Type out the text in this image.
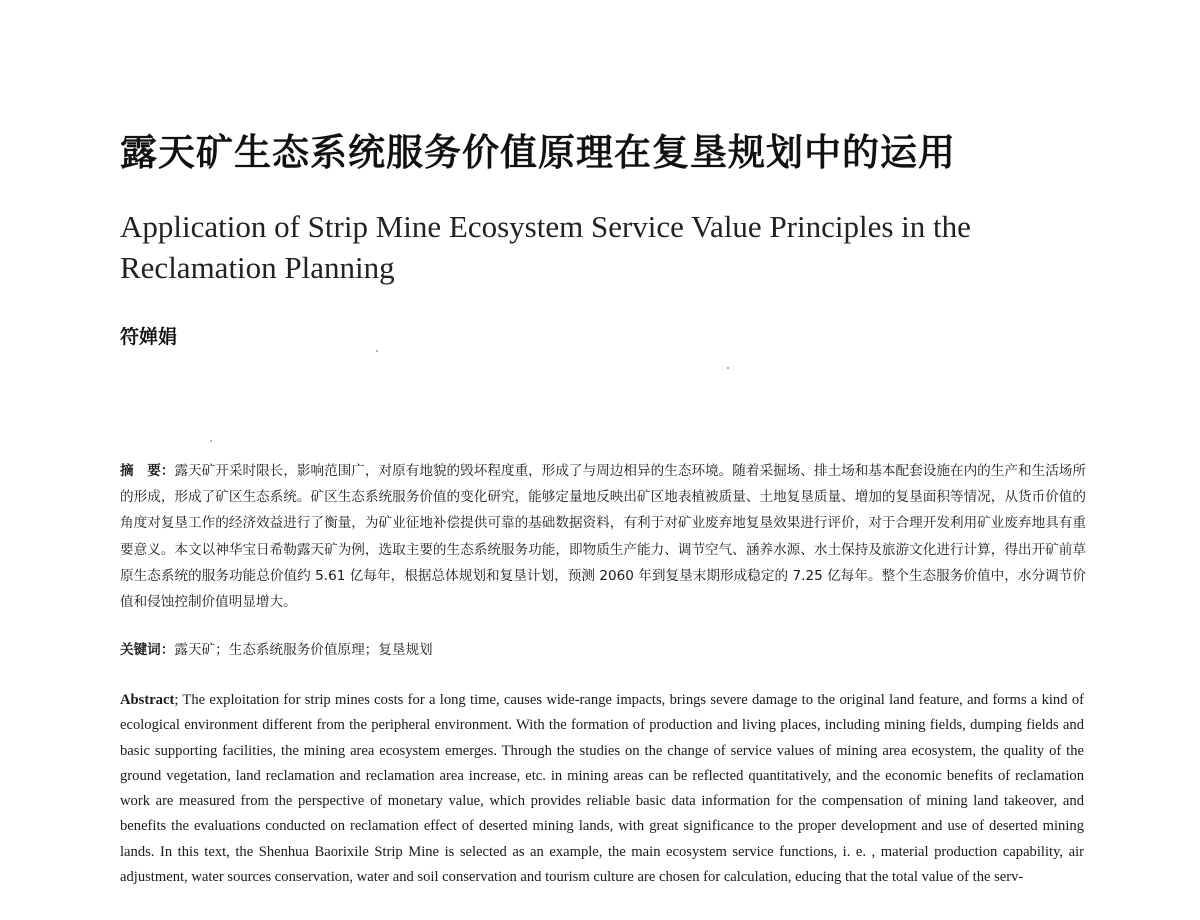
露天矿生态系统服务价值原理在复垦规划中的运用
Application of Strip Mine Ecosystem Service Value Principles in the Reclamation Planning
符婵娟
摘　要：露天矿开采时限长，影响范围广，对原有地貌的毁坏程度重，形成了与周边相异的生态环境。随着采掘场、排土场和基本配套设施在内的生产和生活场所的形成，形成了矿区生态系统。矿区生态系统服务价值的变化研究，能够定量地反映出矿区地表植被质量、土地复垦质量、增加的复垦面积等情况，从货币价值的角度对复垦工作的经济效益进行了衡量，为矿业征地补偿提供可靠的基础数据资料，有利于对矿业废弃地复垦效果进行评价，对于合理开发利用矿业废弃地具有重要意义。本文以神华宝日希勒露天矿为例，选取主要的生态系统服务功能，即物质生产能力、调节空气、涵养水源、水土保持及旅游文化进行计算，得出开矿前草原生态系统的服务功能总价值约 5.61 亿每年，根据总体规划和复垦计划，预测 2060 年到复垦末期形成稳定的 7.25 亿每年。整个生态服务价值中，水分调节价值和侵蚀控制价值明显增大。
关键词：露天矿；生态系统服务价值原理；复垦规划
Abstract; The exploitation for strip mines costs for a long time, causes wide-range impacts, brings severe damage to the original land feature, and forms a kind of ecological environment different from the peripheral environment. With the formation of production and living places, including mining fields, dumping fields and basic supporting facilities, the mining area ecosystem emerges. Through the studies on the change of service values of mining area ecosystem, the quality of the ground vegetation, land reclamation and reclamation area increase, etc. in mining areas can be reflected quantitatively, and the economic benefits of reclamation work are measured from the perspective of monetary value, which provides reliable basic data information for the compensation of mining land takeover, and benefits the evaluations conducted on reclamation effect of deserted mining lands, with great significance to the proper development and use of deserted mining lands. In this text, the Shenhua Baorixile Strip Mine is selected as an example, the main ecosystem service functions, i. e. , material production capability, air adjustment, water sources conservation, water and soil conservation and tourism culture are chosen for calculation, educing that the total value of the serv-
